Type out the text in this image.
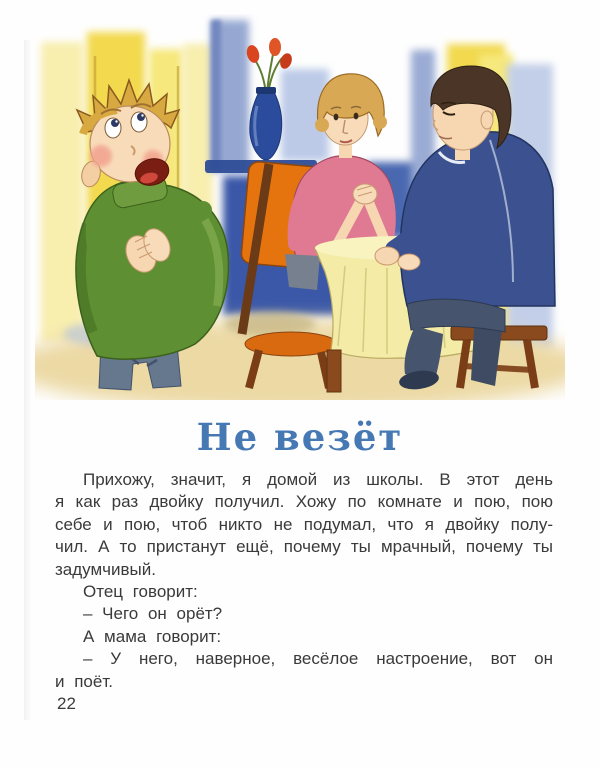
Не везёт
Прихожу, значит, я домой из школы. В этот день
я как раз двойку получил. Хожу по комнате и пою, пою
себе и пою, чтоб никто не подумал, что я двойку полу-
чил. А то пристанут ещё, почему ты мрачный, почему ты
задумчивый.
Отец говорит:
– Чего он орёт?
А мама говорит:
– У него, наверное, весёлое настроение, вот он
и поёт.
22
